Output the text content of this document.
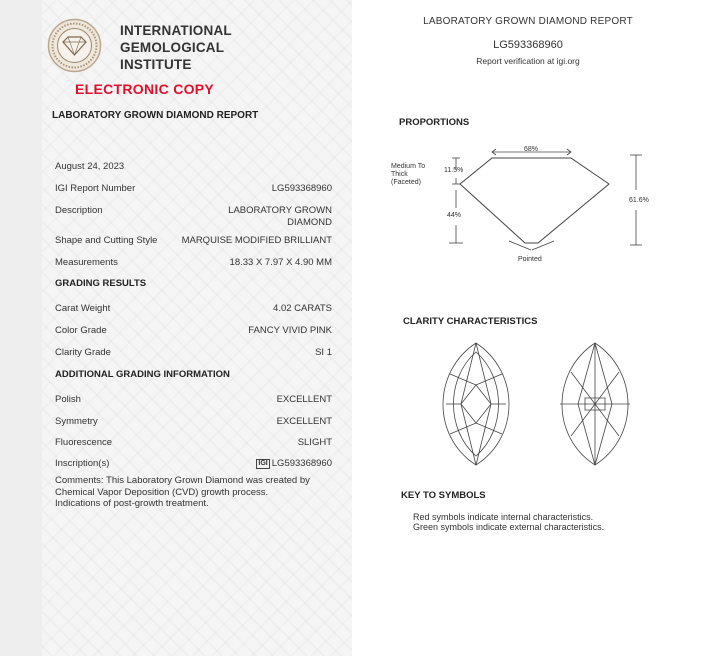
INTERNATIONAL
GEMOLOGICAL
INSTITUTE
ELECTRONIC COPY
LABORATORY GROWN DIAMOND REPORT
August 24, 2023
IGI Report Number	LG593368960
Description	LABORATORY GROWN DIAMOND
Shape and Cutting Style	MARQUISE MODIFIED BRILLIANT
Measurements	18.33 X 7.97 X 4.90 MM
GRADING RESULTS
Carat Weight	4.02 CARATS
Color Grade	FANCY VIVID PINK
Clarity Grade	SI 1
ADDITIONAL GRADING INFORMATION
Polish	EXCELLENT
Symmetry	EXCELLENT
Fluorescence	SLIGHT
Inscription(s)	IGI LG593368960
Comments: This Laboratory Grown Diamond was created by Chemical Vapor Deposition (CVD) growth process.
Indications of post-growth treatment.
LABORATORY GROWN DIAMOND REPORT
LG593368960
Report verification at igi.org
PROPORTIONS
68%
11.5%
44%
61.6%
Medium To Thick (Faceted)
Pointed
CLARITY CHARACTERISTICS
KEY TO SYMBOLS
Red symbols indicate internal characteristics.
Green symbols indicate external characteristics.
